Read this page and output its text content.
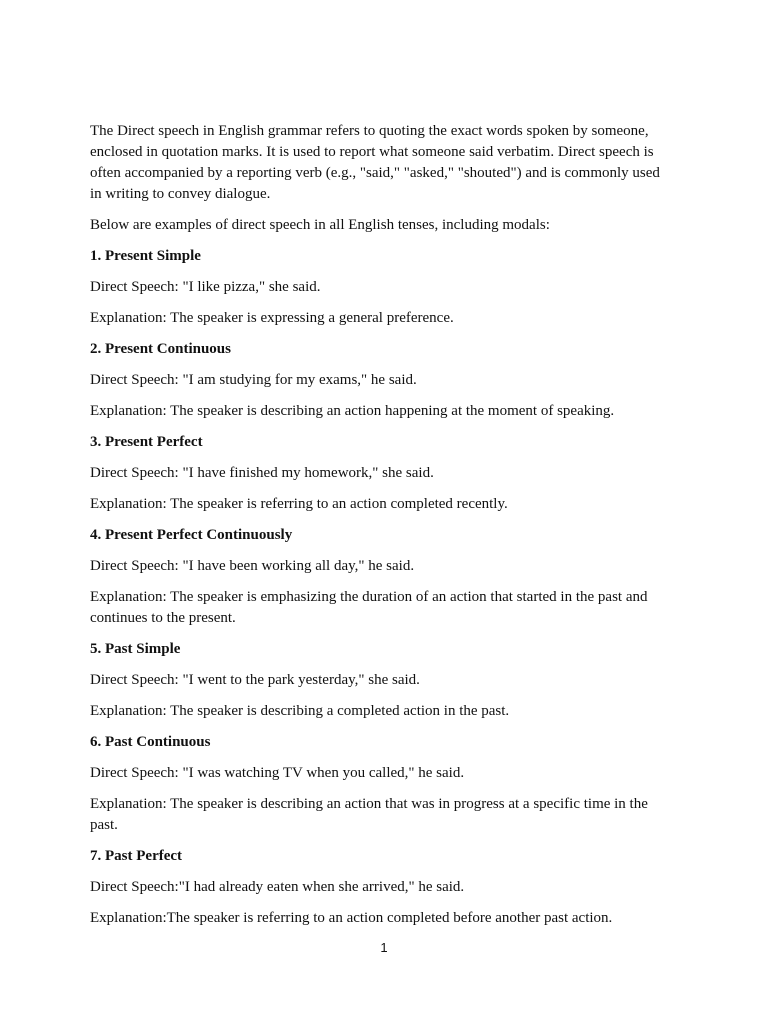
The Direct speech in English grammar refers to quoting the exact words spoken by someone, enclosed in quotation marks. It is used to report what someone said verbatim. Direct speech is often accompanied by a reporting verb (e.g., "said," "asked," "shouted") and is commonly used in writing to convey dialogue.

Below are examples of direct speech in all English tenses, including modals:

1. Present Simple

Direct Speech: "I like pizza," she said.

Explanation: The speaker is expressing a general preference.

2. Present Continuous

Direct Speech: "I am studying for my exams," he said.

Explanation: The speaker is describing an action happening at the moment of speaking.

3. Present Perfect

Direct Speech: "I have finished my homework," she said.

Explanation: The speaker is referring to an action completed recently.

4. Present Perfect Continuously

Direct Speech: "I have been working all day," he said.

Explanation: The speaker is emphasizing the duration of an action that started in the past and continues to the present.

5. Past Simple

Direct Speech: "I went to the park yesterday," she said.

Explanation: The speaker is describing a completed action in the past.

6. Past Continuous

Direct Speech: "I was watching TV when you called," he said.

Explanation: The speaker is describing an action that was in progress at a specific time in the past.

7. Past Perfect

Direct Speech:"I had already eaten when she arrived," he said.

Explanation:The speaker is referring to an action completed before another past action.

1
